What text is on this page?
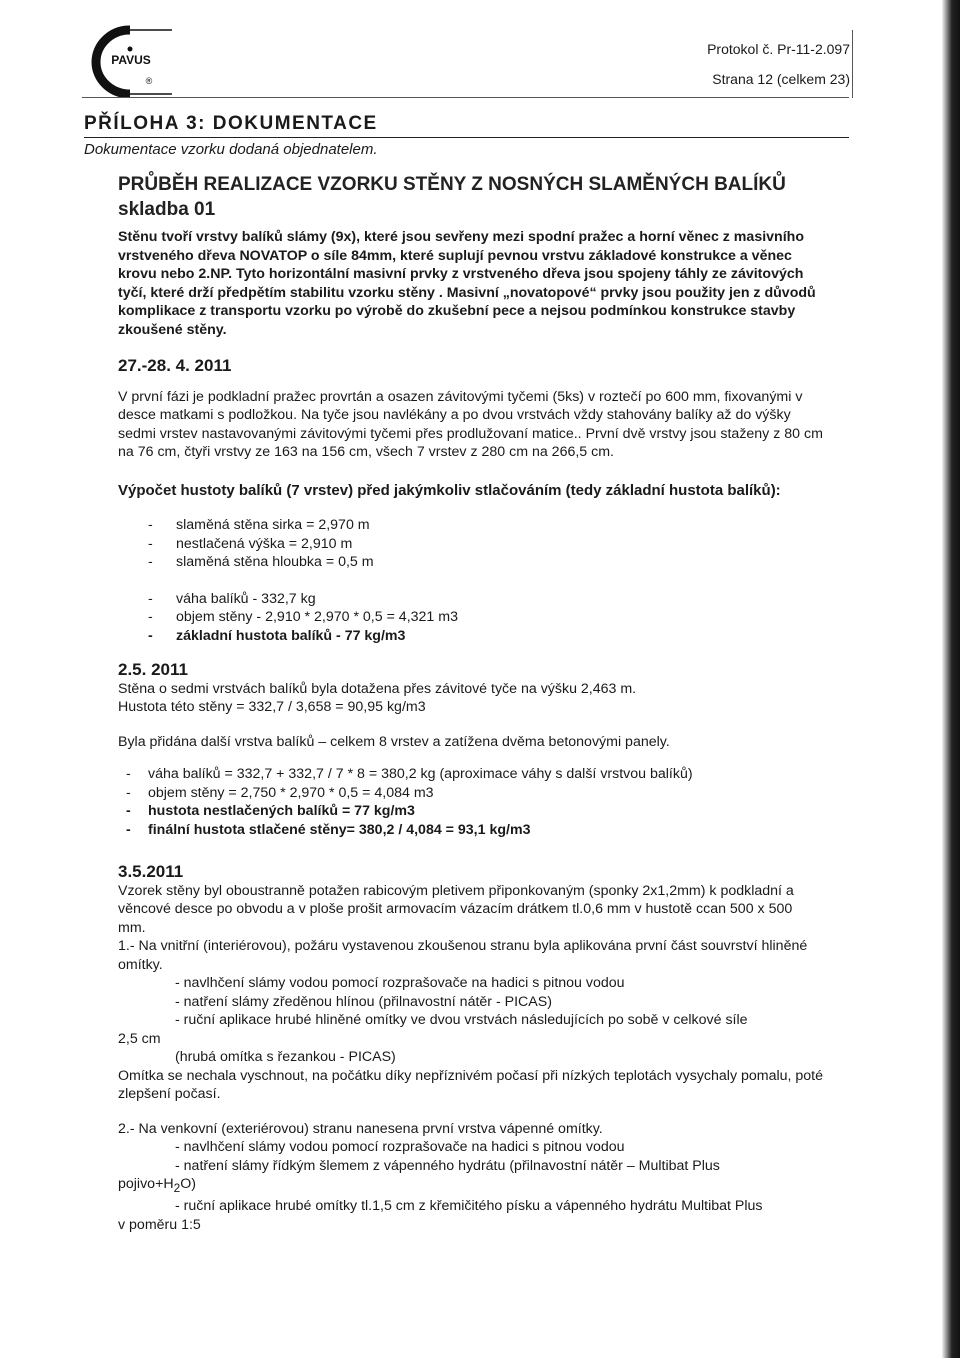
PAVUS
®
Protokol č. Pr-11-2.097
Strana 12 (celkem 23)
PŘÍLOHA 3: DOKUMENTACE
Dokumentace vzorku dodaná objednatelem.
PRŮBĚH REALIZACE VZORKU STĚNY Z NOSNÝCH SLAMĚNÝCH BALÍKŮ
skladba 01

Stěnu tvoří vrstvy balíků slámy (9x), které jsou sevřeny mezi spodní pražec a horní věnec z masivního vrstveného dřeva NOVATOP o síle 84mm, které suplují pevnou vrstvu základové konstrukce a věnec krovu nebo 2.NP. Tyto horizontální masivní prvky z vrstveného dřeva jsou spojeny táhly ze závitových tyčí, které drží předpětím stabilitu vzorku stěny . Masivní „novatopové“ prvky jsou použity jen z důvodů komplikace z transportu vzorku po výrobě do zkušební pece a nejsou podmínkou konstrukce stavby zkoušené stěny.

27.-28. 4. 2011

V první fázi je podkladní pražec provrtán a osazen závitovými tyčemi (5ks) v roztečí po 600 mm, fixovanými v desce matkami s podložkou. Na tyče jsou navlékány a po dvou vrstvách vždy stahovány balíky až do výšky sedmi vrstev nastavovanými závitovými tyčemi přes prodlužovaní matice.. První dvě vrstvy jsou staženy z 80 cm na 76 cm, čtyři vrstvy ze 163 na 156 cm, všech 7 vrstev z 280 cm na 266,5 cm.

Výpočet hustoty balíků (7 vrstev) před jakýmkoliv stlačováním (tedy základní hustota balíků):

- slaměná stěna sirka = 2,970 m
- nestlačená výška = 2,910 m
- slaměná stěna hloubka = 0,5 m
- váha balíků - 332,7 kg
- objem stěny - 2,910 * 2,970 * 0,5 = 4,321 m3
- základní hustota balíků - 77 kg/m3

2.5. 2011

Stěna o sedmi vrstvách balíků byla dotažena přes závitové tyče na výšku 2,463 m.

Hustota této stěny = 332,7 / 3,658 = 90,95 kg/m3

Byla přidána další vrstva balíků – celkem 8 vrstev a zatížena dvěma betonovými panely.

- váha balíků = 332,7 + 332,7 / 7 * 8 = 380,2 kg (aproximace váhy s další vrstvou balíků)
- objem stěny = 2,750 * 2,970 * 0,5 = 4,084 m3
- hustota nestlačených balíků = 77 kg/m3
- finální hustota stlačené stěny= 380,2 / 4,084 = 93,1 kg/m3

3.5.2011

Vzorek stěny byl oboustranně potažen rabicovým pletivem připonkovaným (sponky 2x1,2mm) k podkladní a věncové desce po obvodu a v ploše prošit armovacím vázacím drátkem tl.0,6 mm v hustotě ccan 500 x 500 mm.

1.- Na vnitřní (interiérovou), požáru vystavenou zkoušenou stranu byla aplikována první část souvrství hliněné omítky.

- navlhčení slámy vodou pomocí rozprašovače na hadici s pitnou vodou

- natření slámy zředěnou hlínou (přilnavostní nátěr - PICAS)

- ruční aplikace hrubé hliněné omítky ve dvou vrstvách následujících po sobě v celkové síle

2,5 cm

(hrubá omítka s řezankou - PICAS)

Omítka se nechala vyschnout, na počátku díky nepříznivém počasí při nízkých teplotách vysychaly pomalu, poté zlepšení počasí.

2.- Na venkovní (exteriérovou) stranu nanesena první vrstva vápenné omítky.

- navlhčení slámy vodou pomocí rozprašovače na hadici s pitnou vodou

- natření slámy řídkým šlemem z vápenného hydrátu (přilnavostní nátěr – Multibat Plus

$pojivo+H_2O$)

- ruční aplikace hrubé omítky tl.1,5 cm z křemičitého písku a vápenného hydrátu Multibat Plus

v poměru 1:5
